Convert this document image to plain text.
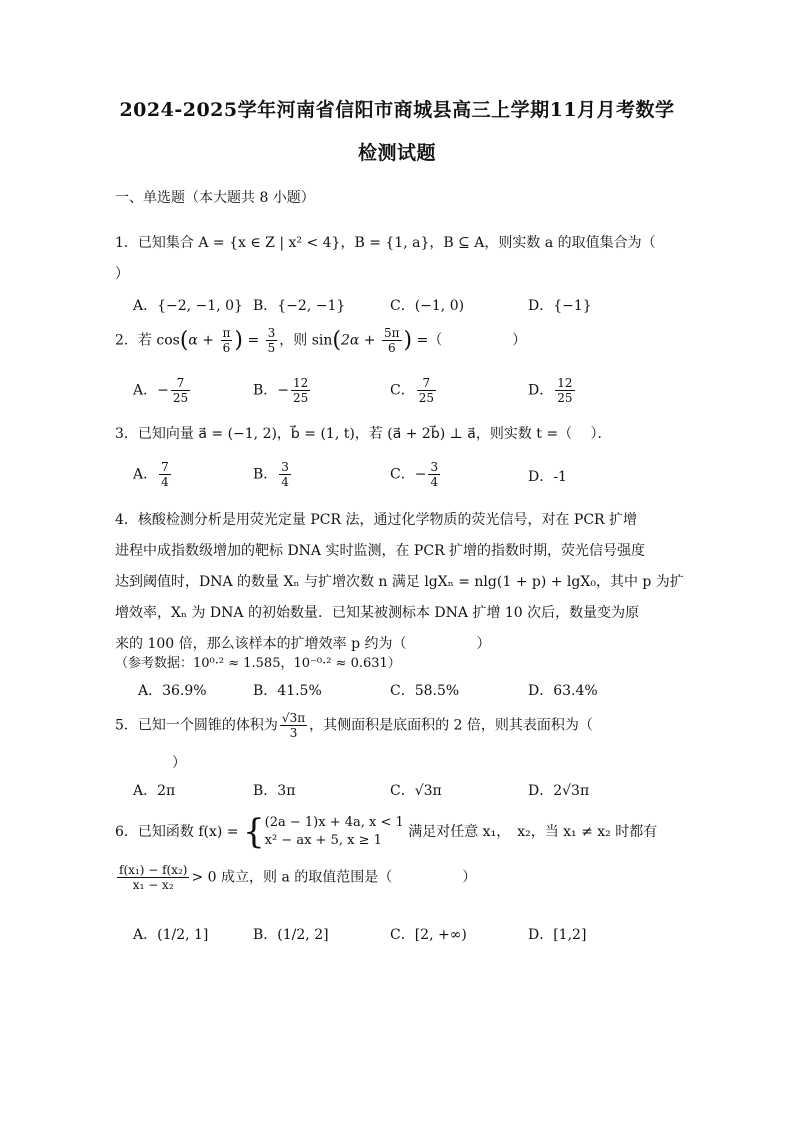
2024-2025学年河南省信阳市商城县高三上学期11月月考数学
检测试题
一、单选题（本大题共 8 小题）
1．已知集合 A = {x ∈ Z | x² < 4}，B = {1, a}，B ⊆ A，则实数 a 的取值集合为（
）
A．{−2, −1, 0} B．{−2, −1}	C．(−1, 0)	D．{−1}
2．若 $\cos(\alpha + \frac{\pi}{6}$ ) = $\frac{3}{5}$ ，则 $\sin(2\alpha + \frac{5\pi}{6}$ ) =（　　　　　）
A．− $\frac{7}{25}$	B．− $\frac{12}{25}$	C． $\frac{7}{25}$	D． $\frac{12}{25}$
3．已知向量 a⃗ = (−1, 2)，b⃗ = (1, t)，若 (a⃗ + 2b⃗) ⊥ a⃗，则实数 t =（　 ）．
A． $\frac{7}{4}$	B． $\frac{3}{4}$	C．− $\frac{3}{4}$	D．-1
4．核酸检测分析是用荧光定量 PCR 法，通过化学物质的荧光信号，对在 PCR 扩增
进程中成指数级增加的靶标 DNA 实时监测，在 PCR 扩增的指数时期，荧光信号强度
达到阈值时，DNA 的数量 Xₙ 与扩增次数 n 满足 lgXₙ = nlg(1 + p) + lgX₀，其中 p 为扩
增效率，Xₙ 为 DNA 的初始数量．已知某被测标本 DNA 扩增 10 次后，数量变为原
来的 100 倍，那么该样本的扩增效率 p 约为（　　　　　）
（参考数据：10⁰·² ≈ 1.585，10⁻⁰·² ≈ 0.631）
A．36.9%	B．41.5%	C．58.5%	D．63.4%
5．已知一个圆锥的体积为 $\frac{√3\pi}{3}$ ，其侧面积是底面积的 2 倍，则其表面积为（
）
A．2π	B．3π	C．√3π	D．2√3π
6．已知函数 f(x) = { (2a − 1)x + 4a, x < 1
x² − ax + 5, x ≥ 1
满足对任意 x₁，　x₂，当 x₁ ≠ x₂ 时都有
$\frac{\text{f(x₁) − f(x₂)}}{\text{x₁ − x₂}} > 0$ 成立，则 a 的取值范围是（　　　　　）
A．(1/2, 1]	B．(1/2, 2]	C．[2, +∞)	D．[1,2]
